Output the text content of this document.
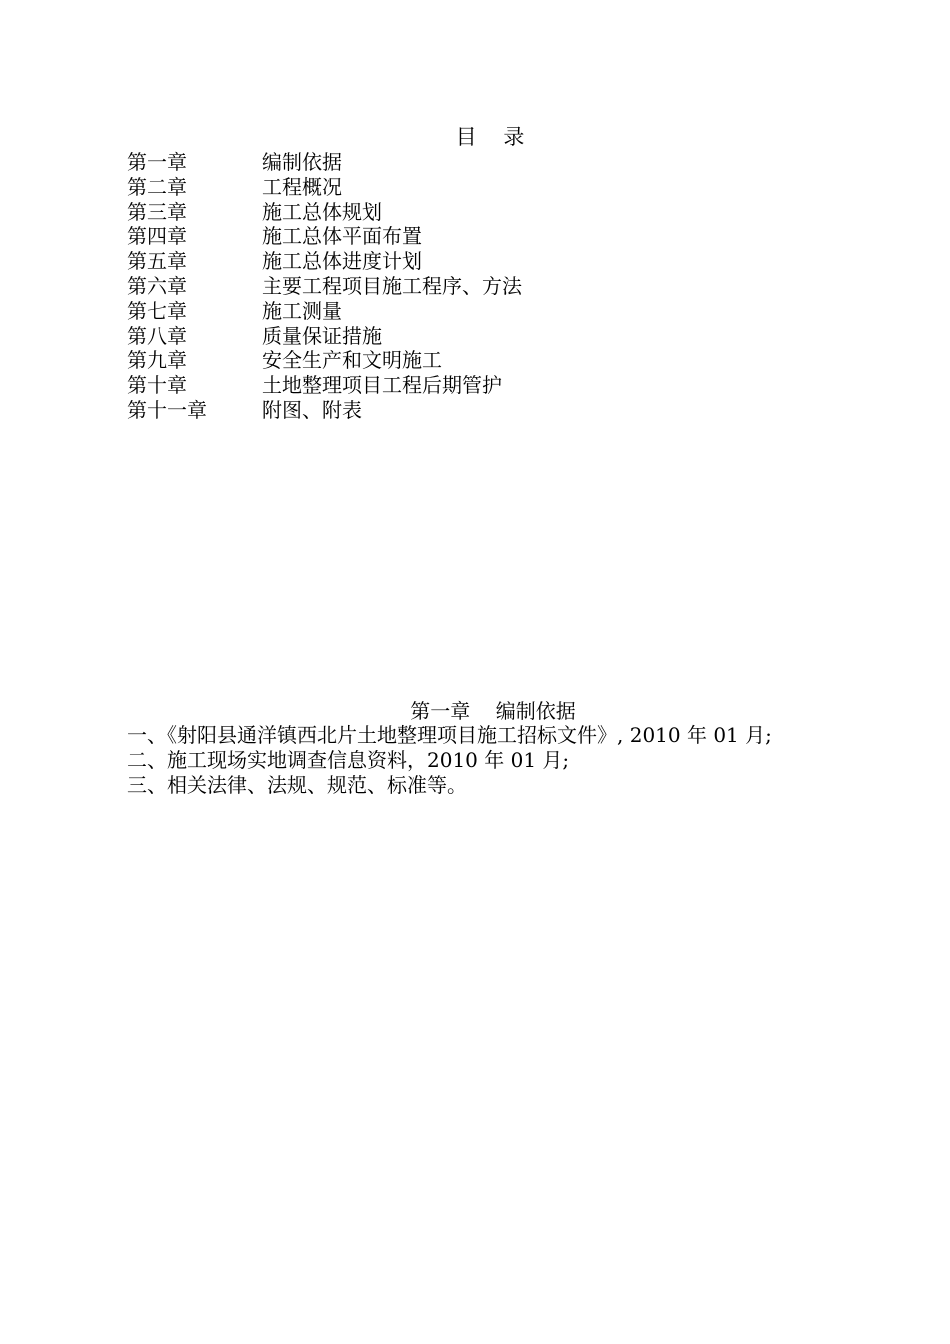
目    录
第一章	编制依据
第二章	工程概况
第三章	施工总体规划
第四章	施工总体平面布置
第五章	施工总体进度计划
第六章	主要工程项目施工程序、方法
第七章	施工测量
第八章	质量保证措施
第九章	安全生产和文明施工
第十章	土地整理项目工程后期管护
第十一章	附图、附表
第一章    编制依据
一、《射阳县通洋镇西北片土地整理项目施工招标文件》, 2010 年 01 月;
二、施工现场实地调查信息资料，2010 年 01 月;
三、相关法律、法规、规范、标准等。
